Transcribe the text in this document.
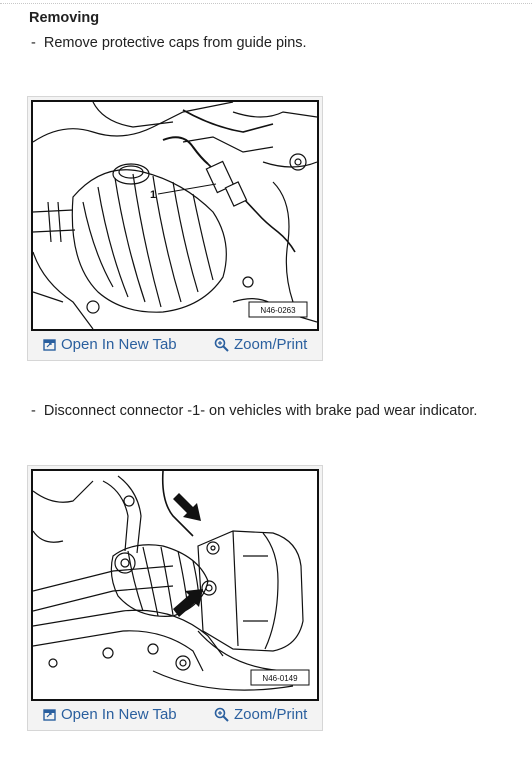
Removing
- Remove protective caps from guide pins.
1
N46-0263
Open In New Tab	Zoom/Print
- Disconnect connector -1- on vehicles with brake pad wear indicator.
N46-0149
Open In New Tab	Zoom/Print
